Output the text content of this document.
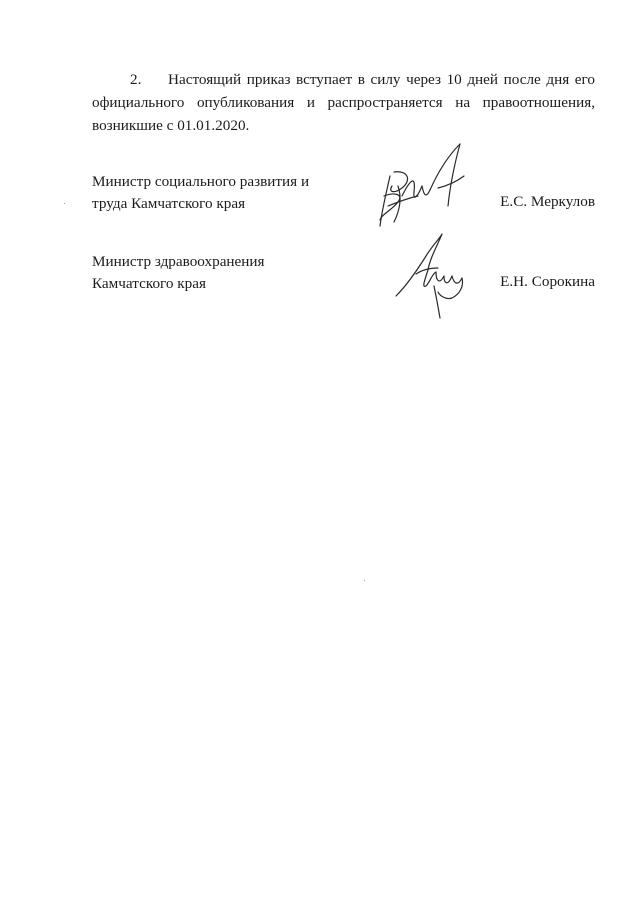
2. Настоящий приказ вступает в силу через 10 дней после дня его официального опубликования и распространяется на правоотношения, возникшие с 01.01.2020.

Министр социального развития и
труда Камчатского края	Е.С. Меркулов
Министр здравоохранения
Камчатского края	Е.Н. Сорокина
